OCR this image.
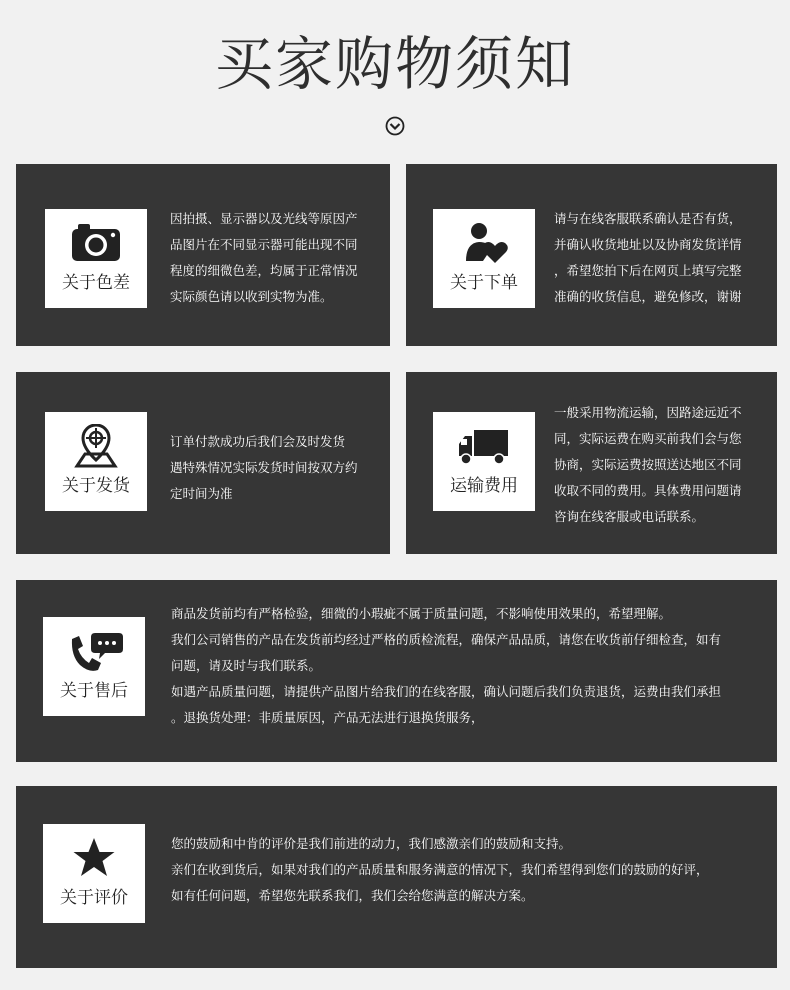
买家购物须知
关于色差

因拍摄、显示器以及光线等原因产
品图片在不同显示器可能出现不同
程度的细微色差，均属于正常情况
实际颜色请以收到实物为准。

关于下单

请与在线客服联系确认是否有货，
并确认收货地址以及协商发货详情
，希望您拍下后在网页上填写完整
准确的收货信息，避免修改，谢谢

关于发货

订单付款成功后我们会及时发货
遇特殊情况实际发货时间按双方约
定时间为准	运输费用

一般采用物流运输，因路途远近不
同，实际运费在购买前我们会与您
协商，实际运费按照送达地区不同
收取不同的费用。具体费用问题请
咨询在线客服或电话联系。

关于售后

商品发货前均有严格检验，细微的小瑕疵不属于质量问题，不影响使用效果的，希望理解。

我们公司销售的产品在发货前均经过严格的质检流程，确保产品品质，请您在收货前仔细检查，如有

问题，请及时与我们联系。

如遇产品质量问题，请提供产品图片给我们的在线客服，确认问题后我们负责退货，运费由我们承担

。退换货处理：非质量原因，产品无法进行退换货服务，

关于评价

您的鼓励和中肯的评价是我们前进的动力，我们感激亲们的鼓励和支持。

亲们在收到货后，如果对我们的产品质量和服务满意的情况下，我们希望得到您们的鼓励的好评，

如有任何问题，希望您先联系我们，我们会给您满意的解决方案。
